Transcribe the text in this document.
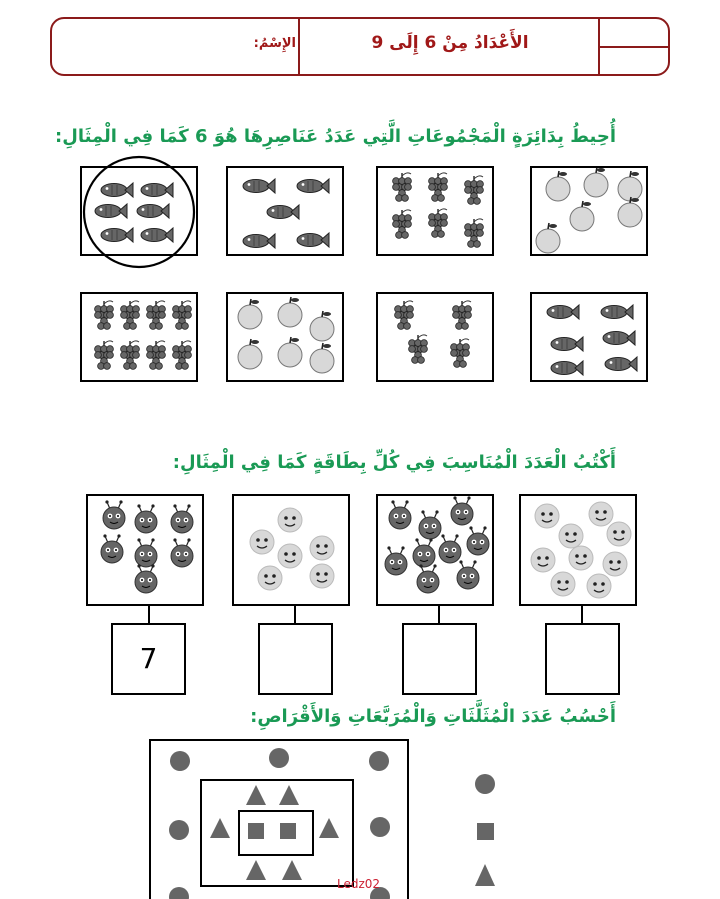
الأَعْدَادُ مِنْ 6 إِلَى 9
الإِسْمُ:
أُحِيطُ بِدَائِرَةٍ الْمَجْمُوعَاتِ الَّتِي عَدَدُ عَنَاصِرِهَا هُوَ 6 كَمَا فِي الْمِثَالِ:
أَكْتُبُ الْعَدَدَ الْمُنَاسِبَ فِي كُلِّ بِطَاقَةٍ كَمَا فِي الْمِثَالِ:
7
أَحْسُبُ عَدَدَ الْمُثَلَّثَاتِ وَالْمُرَبَّعَاتِ وَالأَقْرَاصِ:
Ledz02
